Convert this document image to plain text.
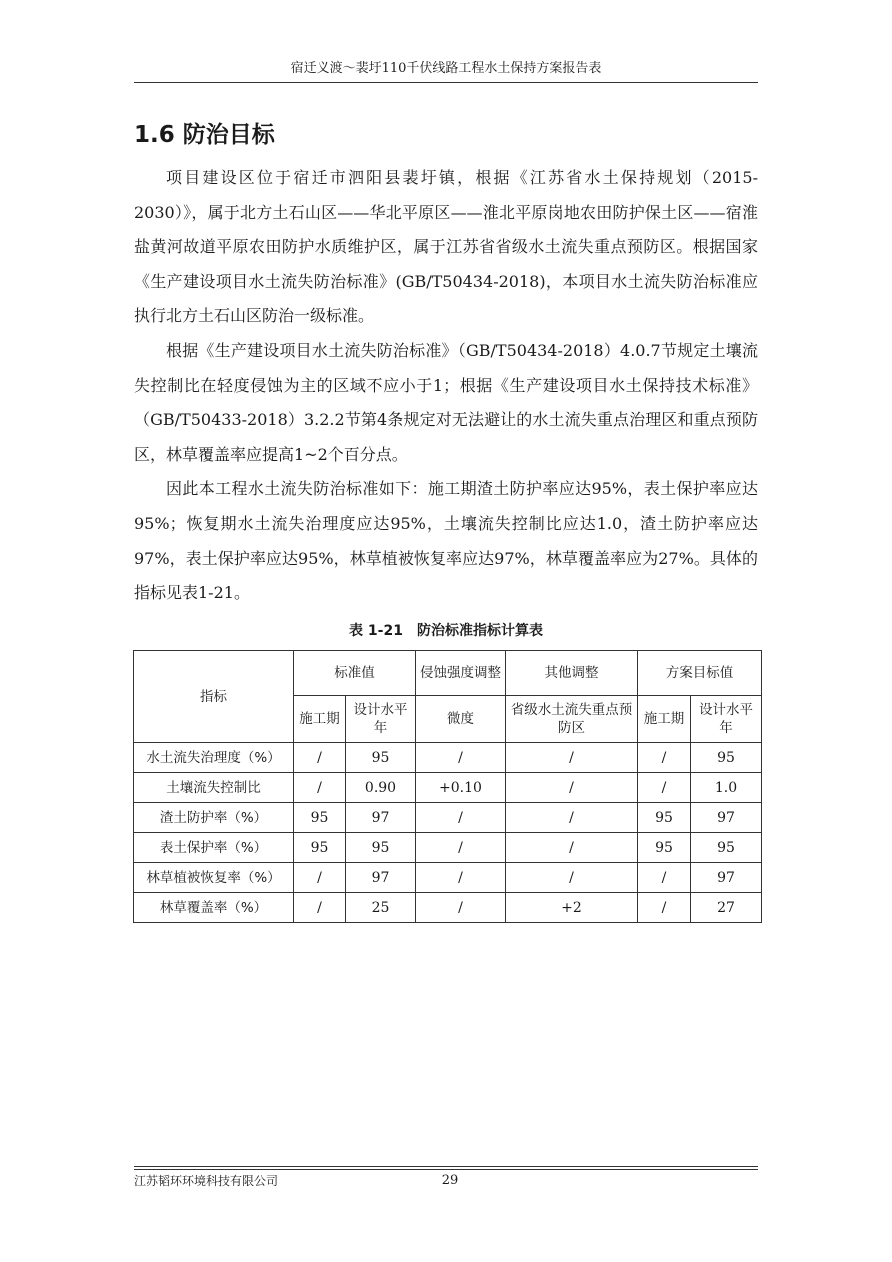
宿迁义渡～裴圩110千伏线路工程水土保持方案报告表
1.6 防治目标

项目建设区位于宿迁市泗阳县裴圩镇，根据《江苏省水土保持规划（2015-2030）》，属于北方土石山区——华北平原区——淮北平原岗地农田防护保土区——宿淮盐黄河故道平原农田防护水质维护区，属于江苏省省级水土流失重点预防区。根据国家《生产建设项目水土流失防治标准》(GB/T50434-2018)，本项目水土流失防治标准应执行北方土石山区防治一级标准。

根据《生产建设项目水土流失防治标准》（GB/T50434-2018）4.0.7节规定土壤流失控制比在轻度侵蚀为主的区域不应小于1；根据《生产建设项目水土保持技术标准》（GB/T50433-2018）3.2.2节第4条规定对无法避让的水土流失重点治理区和重点预防区，林草覆盖率应提高1~2个百分点。

因此本工程水土流失防治标准如下：施工期渣土防护率应达95%，表土保护率应达95%；恢复期水土流失治理度应达95%，土壤流失控制比应达1.0，渣土防护率应达97%，表土保护率应达95%，林草植被恢复率应达97%，林草覆盖率应为27%。具体的指标见表1-21。

表 1-21　防治标准指标计算表
指标	标准值		侵蚀强度调整	其他调整	方案目标值	
	施工期	设计水平年	微度	省级水土流失重点预防区	施工期	设计水平年
水土流失治理度（%）	/	95	/	/	/	95
土壤流失控制比	/	0.90	+0.10	/	/	1.0
渣土防护率（%）	95	97	/	/	95	97
表土保护率（%）	95	95	/	/	95	95
林草植被恢复率（%）	/	97	/	/	/	97
林草覆盖率（%）	/	25	/	+2	/	27
江苏韬环环境科技有限公司	29
